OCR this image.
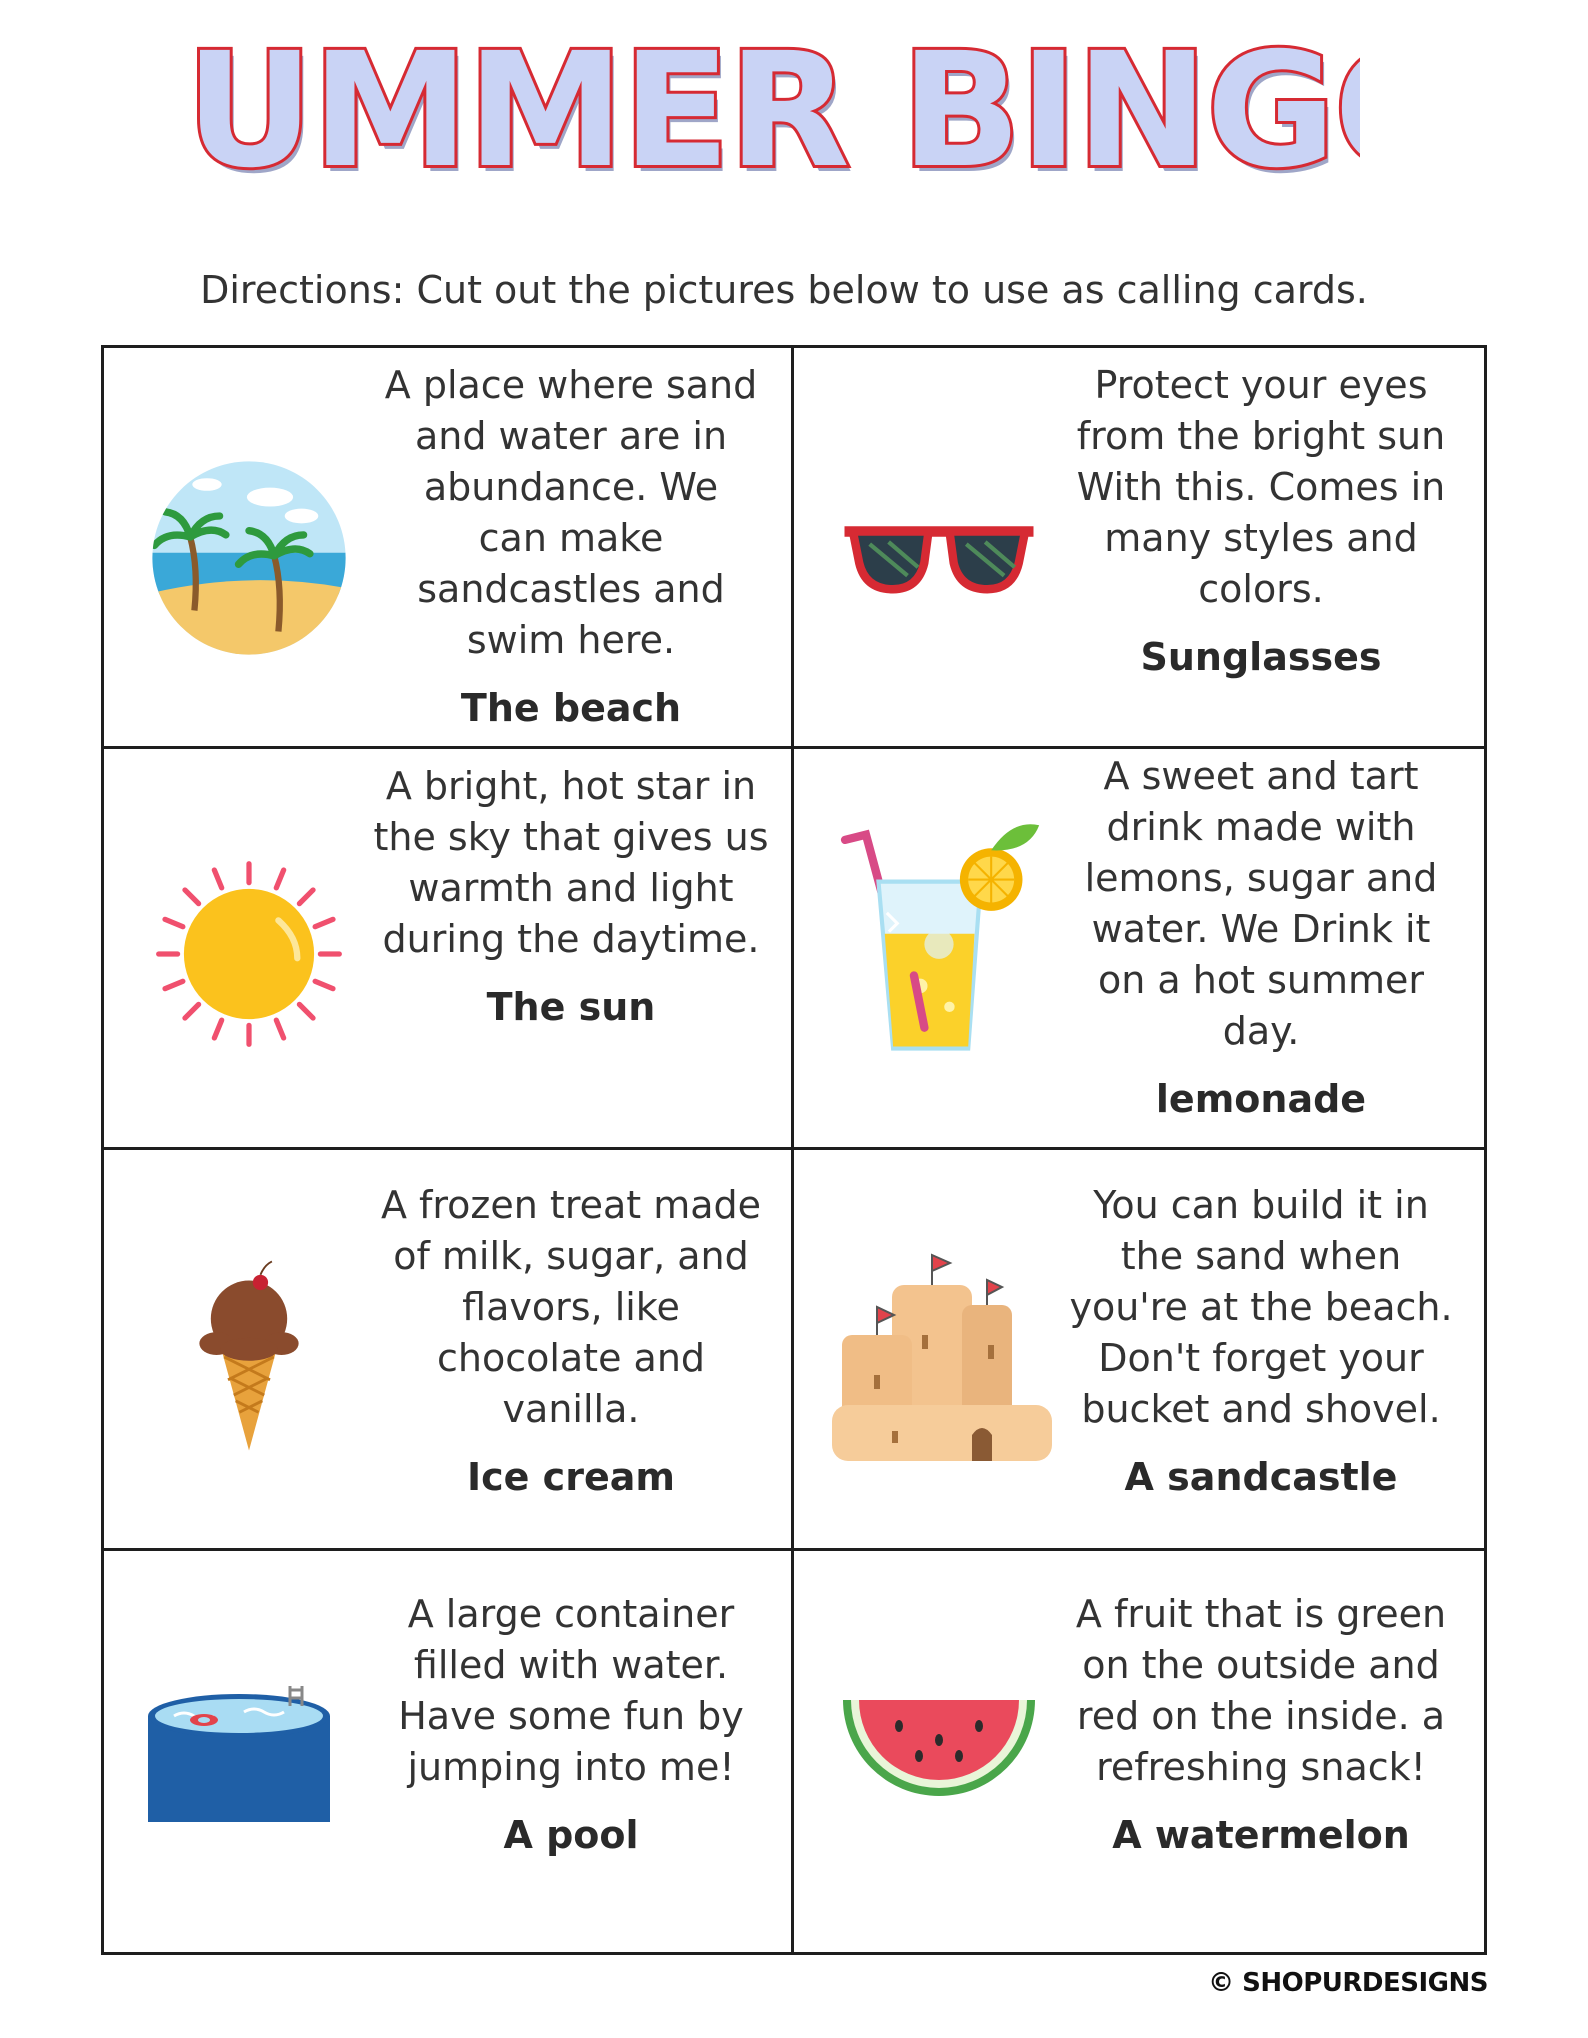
UMMER BING
UMMER BING
Directions: Cut out the pictures below to use as calling cards.

A place where sand
and water are in
abundance. We
can make
sandcastles and
swim here.

The beach

Protect your eyes
from the bright sun
With this. Comes in
many styles and
colors.

Sunglasses

A bright, hot star in
the sky that gives us
warmth and light
during the daytime.

The sun

A sweet and tart
drink made with
lemons, sugar and
water. We Drink it
on a hot summer
day.

lemonade

A frozen treat made
of milk, sugar, and
flavors, like
chocolate and
vanilla.

Ice cream

You can build it in
the sand when
you're at the beach.
Don't forget your
bucket and shovel.

A sandcastle

A large container
filled with water.
Have some fun by
jumping into me!

A pool

A fruit that is green
on the outside and
red on the inside. a
refreshing snack!

A watermelon
© SHOPURDESIGNS
